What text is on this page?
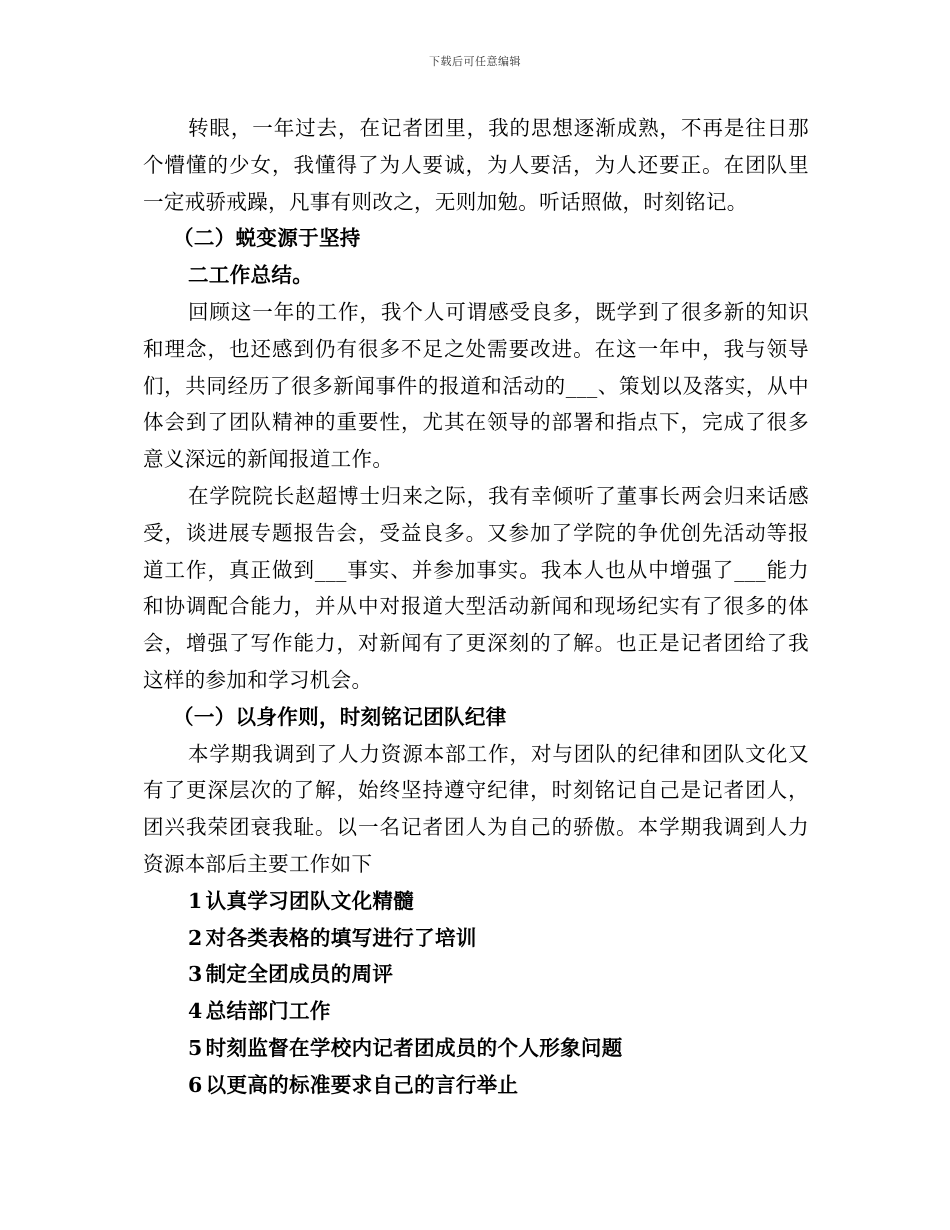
下载后可任意编辑

转眼，一年过去，在记者团里，我的思想逐渐成熟，不再是往日那个懵懂的少女，我懂得了为人要诚，为人要活，为人还要正。在团队里一定戒骄戒躁，凡事有则改之，无则加勉。听话照做，时刻铭记。

（二）蜕变源于坚持

二工作总结。

回顾这一年的工作，我个人可谓感受良多，既学到了很多新的知识和理念，也还感到仍有很多不足之处需要改进。在这一年中，我与领导们，共同经历了很多新闻事件的报道和活动的___、策划以及落实，从中体会到了团队精神的重要性，尤其在领导的部署和指点下，完成了很多意义深远的新闻报道工作。

在学院院长赵超博士归来之际，我有幸倾听了董事长两会归来话感受，谈进展专题报告会，受益良多。又参加了学院的争优创先活动等报道工作，真正做到___事实、并参加事实。我本人也从中增强了___能力和协调配合能力，并从中对报道大型活动新闻和现场纪实有了很多的体会，增强了写作能力，对新闻有了更深刻的了解。也正是记者团给了我这样的参加和学习机会。

（一）以身作则，时刻铭记团队纪律

本学期我调到了人力资源本部工作，对与团队的纪律和团队文化又有了更深层次的了解，始终坚持遵守纪律，时刻铭记自己是记者团人，团兴我荣团衰我耻。以一名记者团人为自己的骄傲。本学期我调到人力资源本部后主要工作如下

1 认真学习团队文化精髓
2 对各类表格的填写进行了培训
3 制定全团成员的周评
4 总结部门工作
5 时刻监督在学校内记者团成员的个人形象问题
6 以更高的标准要求自己的言行举止
